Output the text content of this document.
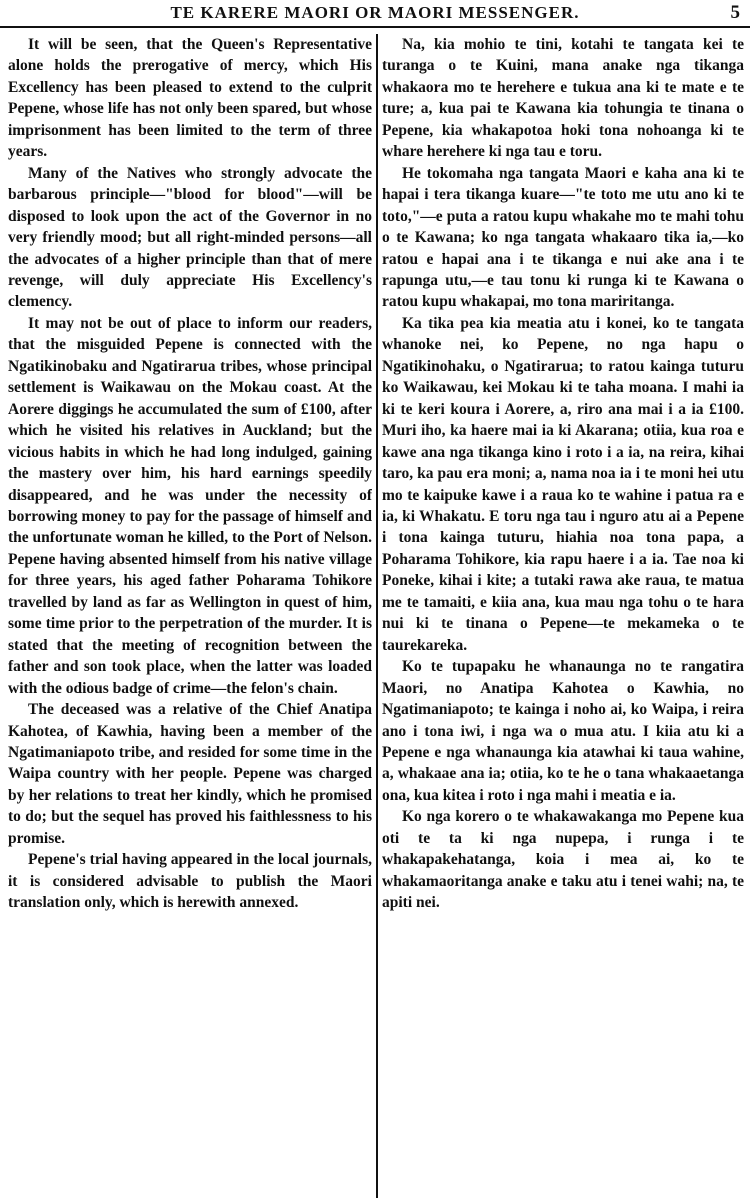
TE KARERE MAORI OR MAORI MESSENGER.	5

It will be seen, that the Queen's Representative alone holds the prerogative of mercy, which His Excellency has been pleased to extend to the culprit Pepene, whose life has not only been spared, but whose imprisonment has been limited to the term of three years.

Many of the Natives who strongly advocate the barbarous principle—"blood for blood"—will be disposed to look upon the act of the Governor in no very friendly mood; but all right-minded persons—all the advocates of a higher principle than that of mere revenge, will duly appreciate His Excellency's clemency.

It may not be out of place to inform our readers, that the misguided Pepene is connected with the Ngatikinobaku and Ngatirarua tribes, whose principal settlement is Waikawau on the Mokau coast. At the Aorere diggings he accumulated the sum of £100, after which he visited his relatives in Auckland; but the vicious habits in which he had long indulged, gaining the mastery over him, his hard earnings speedily disappeared, and he was under the necessity of borrowing money to pay for the passage of himself and the unfortunate woman he killed, to the Port of Nelson. Pepene having absented himself from his native village for three years, his aged father Poharama Tohikore travelled by land as far as Wellington in quest of him, some time prior to the perpetration of the murder. It is stated that the meeting of recognition between the father and son took place, when the latter was loaded with the odious badge of crime—the felon's chain.

The deceased was a relative of the Chief Anatipa Kahotea, of Kawhia, having been a member of the Ngatimaniapoto tribe, and resided for some time in the Waipa country with her people. Pepene was charged by her relations to treat her kindly, which he promised to do; but the sequel has proved his faithlessness to his promise.

Pepene's trial having appeared in the local journals, it is considered advisable to publish the Maori translation only, which is herewith annexed.

Na, kia mohio te tini, kotahi te tangata kei te turanga o te Kuini, mana anake nga tikanga whakaora mo te herehere e tukua ana ki te mate e te ture; a, kua pai te Kawana kia tohungia te tinana o Pepene, kia whakapotoa hoki tona nohoanga ki te whare herehere ki nga tau e toru.

He tokomaha nga tangata Maori e kaha ana ki te hapai i tera tikanga kuare—"te toto me utu ano ki te toto,"—e puta a ratou kupu whakahe mo te mahi tohu o te Kawana; ko nga tangata whakaaro tika ia,—ko ratou e hapai ana i te tikanga e nui ake ana i te rapunga utu,—e tau tonu ki runga ki te Kawana o ratou kupu whakapai, mo tona mariritanga.

Ka tika pea kia meatia atu i konei, ko te tangata whanoke nei, ko Pepene, no nga hapu o Ngatikinohaku, o Ngatirarua; to ratou kainga tuturu ko Waikawau, kei Mokau ki te taha moana. I mahi ia ki te keri koura i Aorere, a, riro ana mai i a ia £100. Muri iho, ka haere mai ia ki Akarana; otiia, kua roa e kawe ana nga tikanga kino i roto i a ia, na reira, kihai taro, ka pau era moni; a, nama noa ia i te moni hei utu mo te kaipuke kawe i a raua ko te wahine i patua ra e ia, ki Whakatu. E toru nga tau i nguro atu ai a Pepene i tona kainga tuturu, hiahia noa tona papa, a Poharama Tohikore, kia rapu haere i a ia. Tae noa ki Poneke, kihai i kite; a tutaki rawa ake raua, te matua me te tamaiti, e kiia ana, kua mau nga tohu o te hara nui ki te tinana o Pepene—te mekameka o te taurekareka.

Ko te tupapaku he whanaunga no te rangatira Maori, no Anatipa Kahotea o Kawhia, no Ngatimaniapoto; te kainga i noho ai, ko Waipa, i reira ano i tona iwi, i nga wa o mua atu. I kiia atu ki a Pepene e nga whanaunga kia atawhai ki taua wahine, a, whakaae ana ia; otiia, ko te he o tana whakaaetanga ona, kua kitea i roto i nga mahi i meatia e ia.

Ko nga korero o te whakawakanga mo Pepene kua oti te ta ki nga nupepa, i runga i te whakapakehatanga, koia i mea ai, ko te whakamaoritanga anake e taku atu i tenei wahi; na, te apiti nei.
